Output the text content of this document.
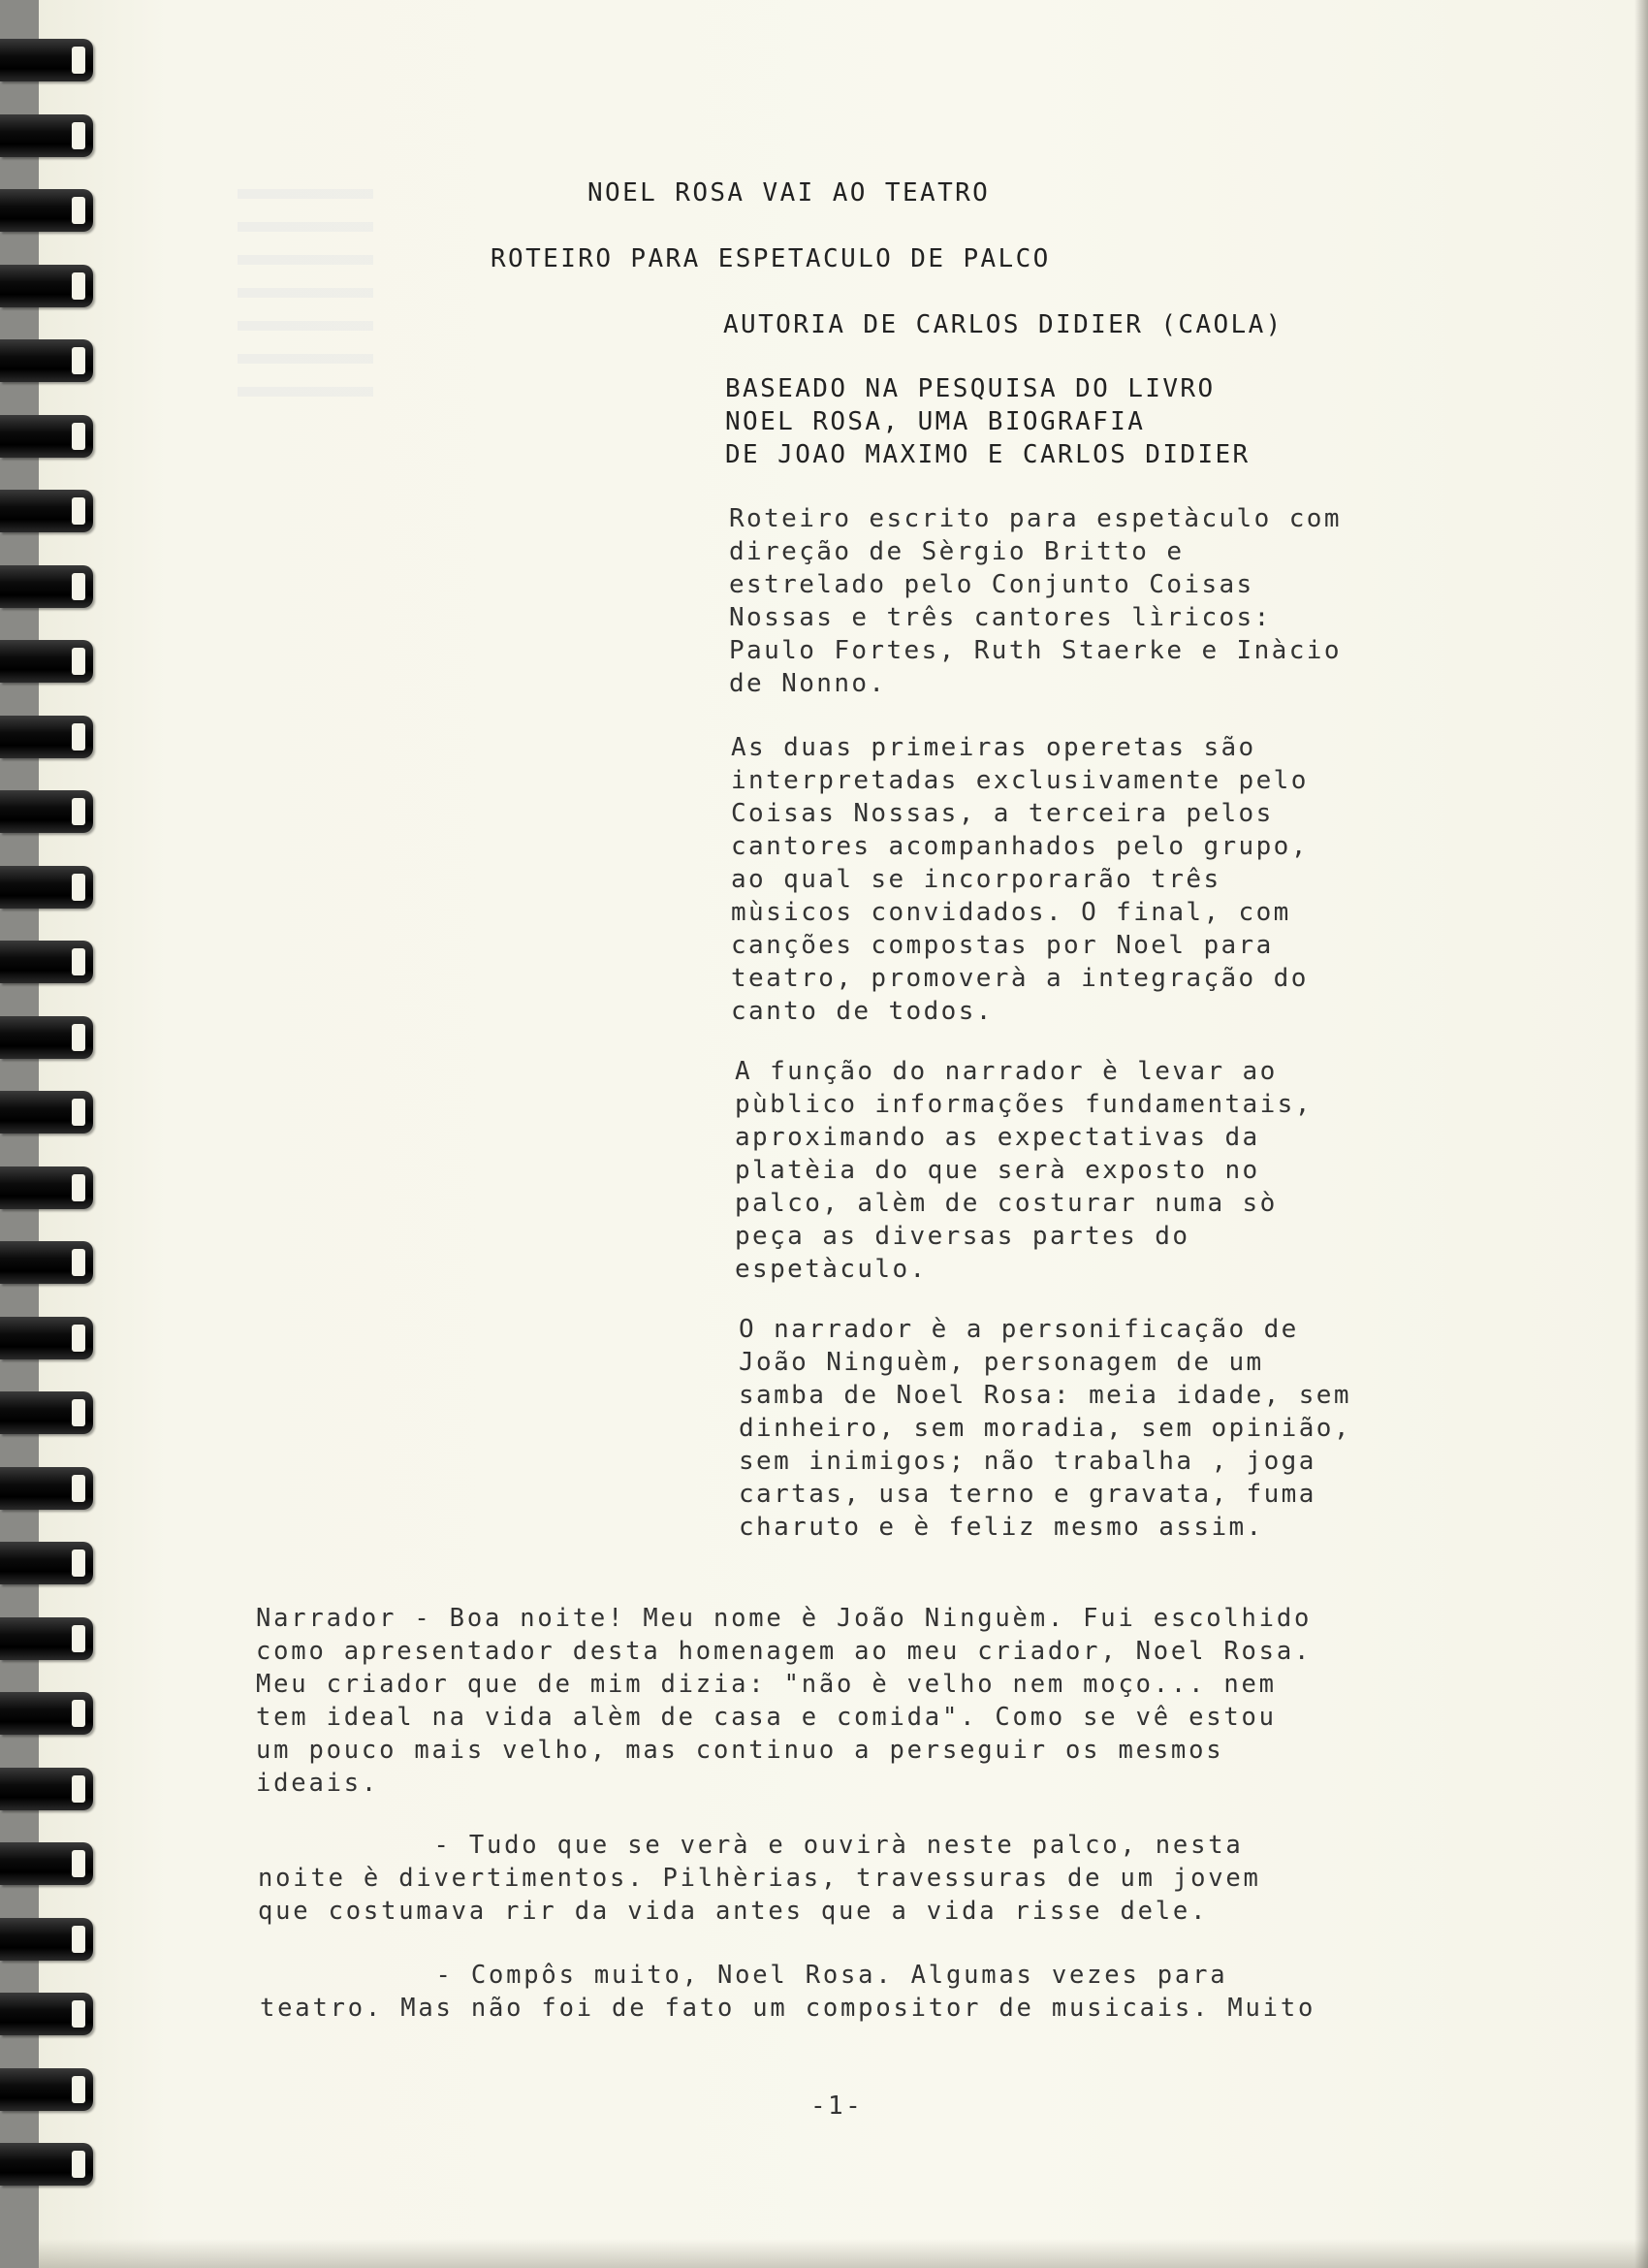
NOEL ROSA VAI AO TEATRO

ROTEIRO PARA ESPETACULO DE PALCO

AUTORIA DE CARLOS DIDIER (CAOLA)

BASEADO NA PESQUISA DO LIVRO

NOEL ROSA, UMA BIOGRAFIA

DE JOAO MAXIMO E CARLOS DIDIER

Roteiro escrito para espetàculo com

direção de Sèrgio Britto e

estrelado pelo Conjunto Coisas

Nossas e três cantores lìricos:

Paulo Fortes, Ruth Staerke e Inàcio

de Nonno.

As duas primeiras operetas são

interpretadas exclusivamente pelo

Coisas Nossas, a terceira pelos

cantores acompanhados pelo grupo,

ao qual se incorporarão três

mùsicos convidados. O final, com

canções compostas por Noel para

teatro, promoverà a integração do

canto de todos.

A função do narrador è levar ao

pùblico informações fundamentais,

aproximando as expectativas da

platèia do que serà exposto no

palco, alèm de costurar numa sò

peça as diversas partes do

espetàculo.

O narrador è a personificação de

João Ninguèm, personagem de um

samba de Noel Rosa: meia idade, sem

dinheiro, sem moradia, sem opinião,

sem inimigos; não trabalha , joga

cartas, usa terno e gravata, fuma

charuto e è feliz mesmo assim.

Narrador - Boa noite! Meu nome è João Ninguèm. Fui escolhido

como apresentador desta homenagem ao meu criador, Noel Rosa.

Meu criador que de mim dizia: "não è velho nem moço... nem

tem ideal na vida alèm de casa e comida". Como se vê estou

um pouco mais velho, mas continuo a perseguir os mesmos

ideais.

- Tudo que se verà e ouvirà neste palco, nesta

noite è divertimentos. Pilhèrias, travessuras de um jovem

que costumava rir da vida antes que a vida risse dele.

- Compôs muito, Noel Rosa. Algumas vezes para

teatro. Mas não foi de fato um compositor de musicais. Muito

-1-
